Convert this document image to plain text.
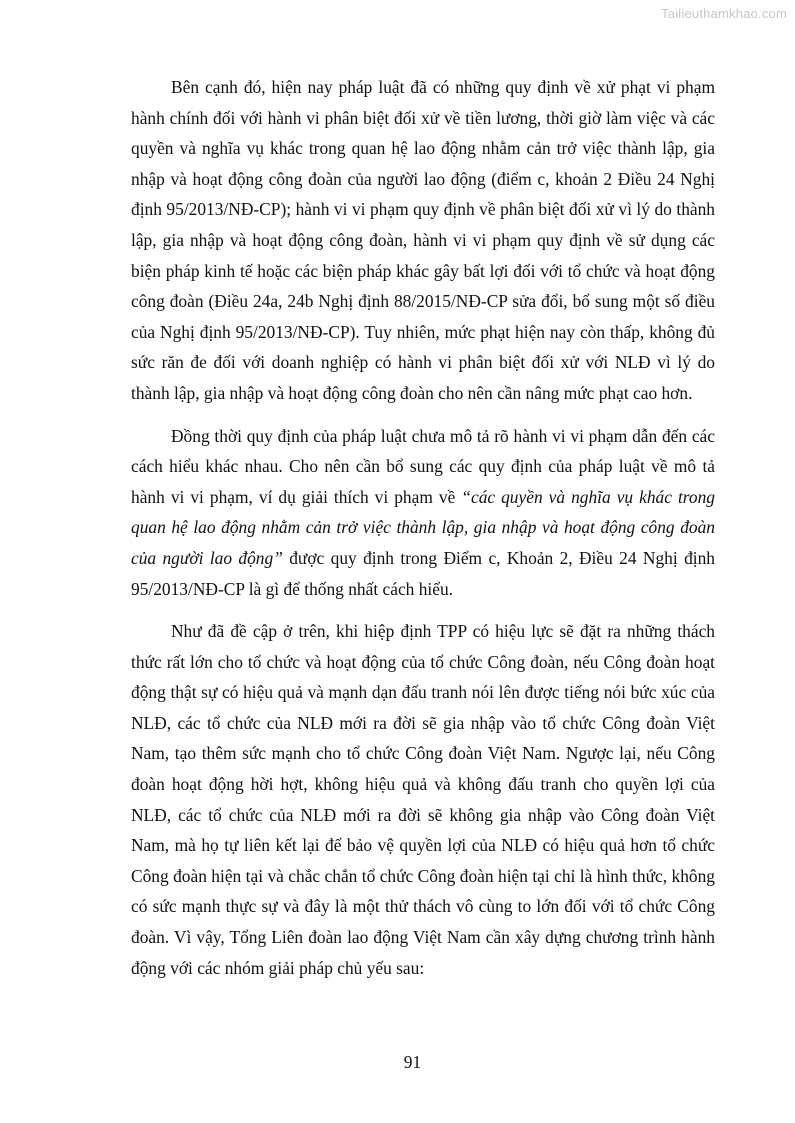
Tailieuthamkhao.com

Bên cạnh đó, hiện nay pháp luật đã có những quy định về xử phạt vi phạm hành chính đối với hành vi phân biệt đối xử về tiền lương, thời giờ làm việc và các quyền và nghĩa vụ khác trong quan hệ lao động nhằm cản trở việc thành lập, gia nhập và hoạt động công đoàn của người lao động (điểm c, khoản 2 Điều 24 Nghị định 95/2013/NĐ-CP); hành vi vi phạm quy định về phân biệt đối xử vì lý do thành lập, gia nhập và hoạt động công đoàn, hành vi vi phạm quy định về sử dụng các biện pháp kinh tế hoặc các biện pháp khác gây bất lợi đối với tổ chức và hoạt động công đoàn (Điều 24a, 24b Nghị định 88/2015/NĐ-CP sửa đổi, bổ sung một số điều của Nghị định 95/2013/NĐ-CP). Tuy nhiên, mức phạt hiện nay còn thấp, không đủ sức răn đe đối với doanh nghiệp có hành vi phân biệt đối xử với NLĐ vì lý do thành lập, gia nhập và hoạt động công đoàn cho nên cần nâng mức phạt cao hơn.

Đồng thời quy định của pháp luật chưa mô tả rõ hành vi vi phạm dẫn đến các cách hiểu khác nhau. Cho nên cần bổ sung các quy định của pháp luật về mô tả hành vi vi phạm, ví dụ giải thích vi phạm về “các quyền và nghĩa vụ khác trong quan hệ lao động nhằm cản trở việc thành lập, gia nhập và hoạt động công đoàn của người lao động” được quy định trong Điểm c, Khoản 2, Điều 24 Nghị định 95/2013/NĐ-CP là gì để thống nhất cách hiểu.

Như đã đề cập ở trên, khi hiệp định TPP có hiệu lực sẽ đặt ra những thách thức rất lớn cho tổ chức và hoạt động của tổ chức Công đoàn, nếu Công đoàn hoạt động thật sự có hiệu quả và mạnh dạn đấu tranh nói lên được tiếng nói bức xúc của NLĐ, các tổ chức của NLĐ mới ra đời sẽ gia nhập vào tổ chức Công đoàn Việt Nam, tạo thêm sức mạnh cho tổ chức Công đoàn Việt Nam. Ngược lại, nếu Công đoàn hoạt động hời hợt, không hiệu quả và không đấu tranh cho quyền lợi của NLĐ, các tổ chức của NLĐ mới ra đời sẽ không gia nhập vào Công đoàn Việt Nam, mà họ tự liên kết lại để bảo vệ quyền lợi của NLĐ có hiệu quả hơn tổ chức Công đoàn hiện tại và chắc chắn tổ chức Công đoàn hiện tại chỉ là hình thức, không có sức mạnh thực sự và đây là một thử thách vô cùng to lớn đối với tổ chức Công đoàn. Vì vậy, Tổng Liên đoàn lao động Việt Nam cần xây dựng chương trình hành động với các nhóm giải pháp chủ yếu sau:

91
